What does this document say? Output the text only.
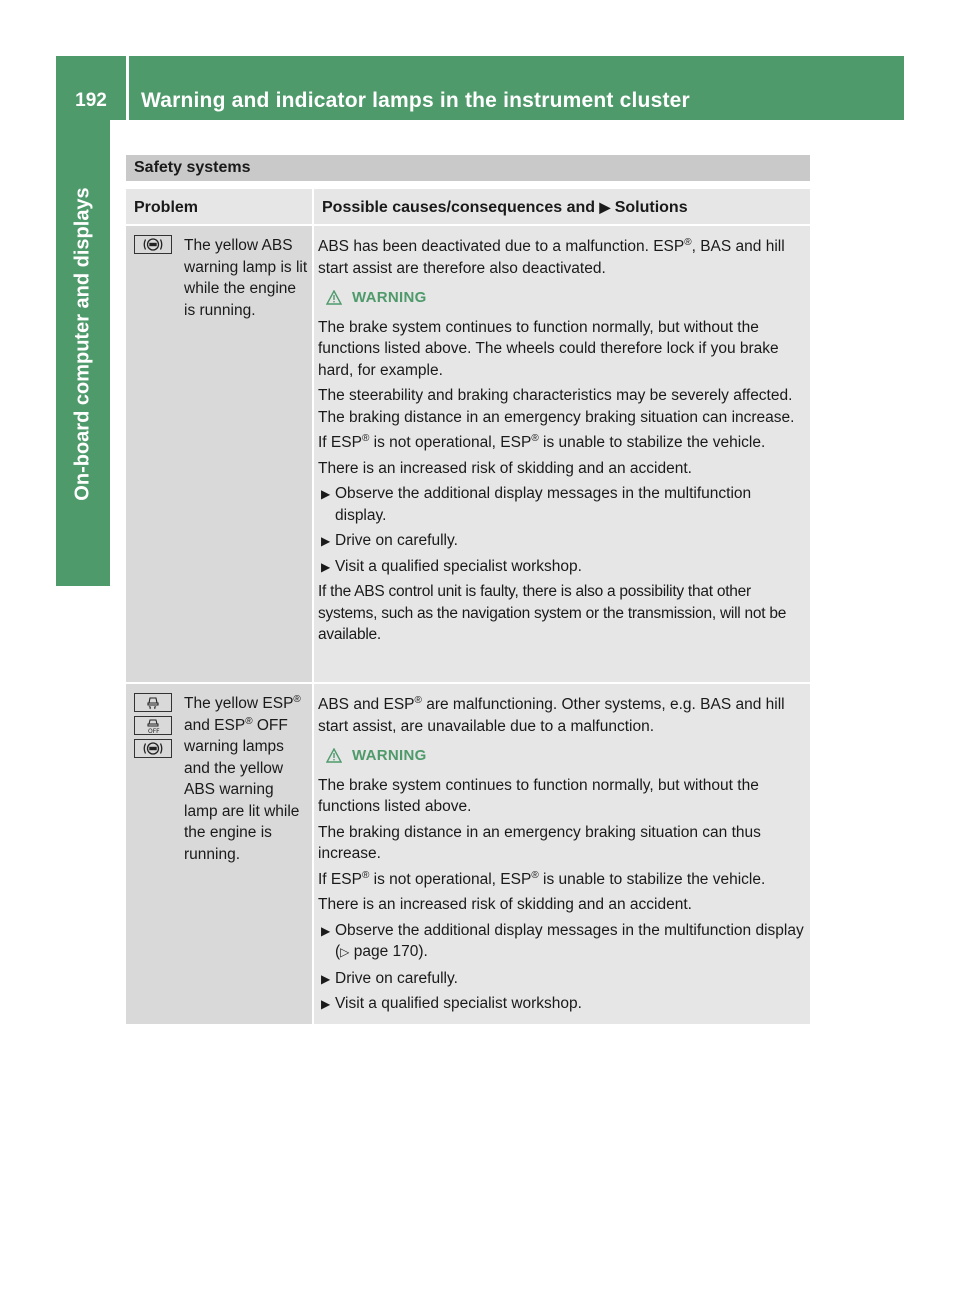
192	Warning and indicator lamps in the instrument cluster
On-board computer and displays
Safety systems
Problem	Possible causes/consequences and ▶ Solutions
The yellow ABS warning lamp is lit while the engine is running.

ABS has been deactivated due to a malfunction. ESP®, BAS and hill start assist are therefore also deactivated.

WARNING

The brake system continues to function normally, but without the functions listed above. The wheels could therefore lock if you brake hard, for example.

The steerability and braking characteristics may be severely affected. The braking distance in an emergency braking situation can increase.

If ESP® is not operational, ESP® is unable to stabilize the vehicle.

There is an increased risk of skidding and an accident.

▶ Observe the additional display messages in the multifunction display.
▶ Drive on carefully.
▶ Visit a qualified specialist workshop.

If the ABS control unit is faulty, there is also a possibility that other systems, such as the navigation system or the transmission, will not be available.

OFF
The yellow ESP® and ESP® OFF warning lamps and the yellow ABS warning lamp are lit while the engine is running.

ABS and ESP® are malfunctioning. Other systems, e.g. BAS and hill start assist, are unavailable due to a malfunction.

WARNING

The brake system continues to function normally, but without the functions listed above.

The braking distance in an emergency braking situation can thus increase.

If ESP® is not operational, ESP® is unable to stabilize the vehicle.

There is an increased risk of skidding and an accident.

▶ Observe the additional display messages in the multifunction display (▷ page 170).
▶ Drive on carefully.
▶ Visit a qualified specialist workshop.
